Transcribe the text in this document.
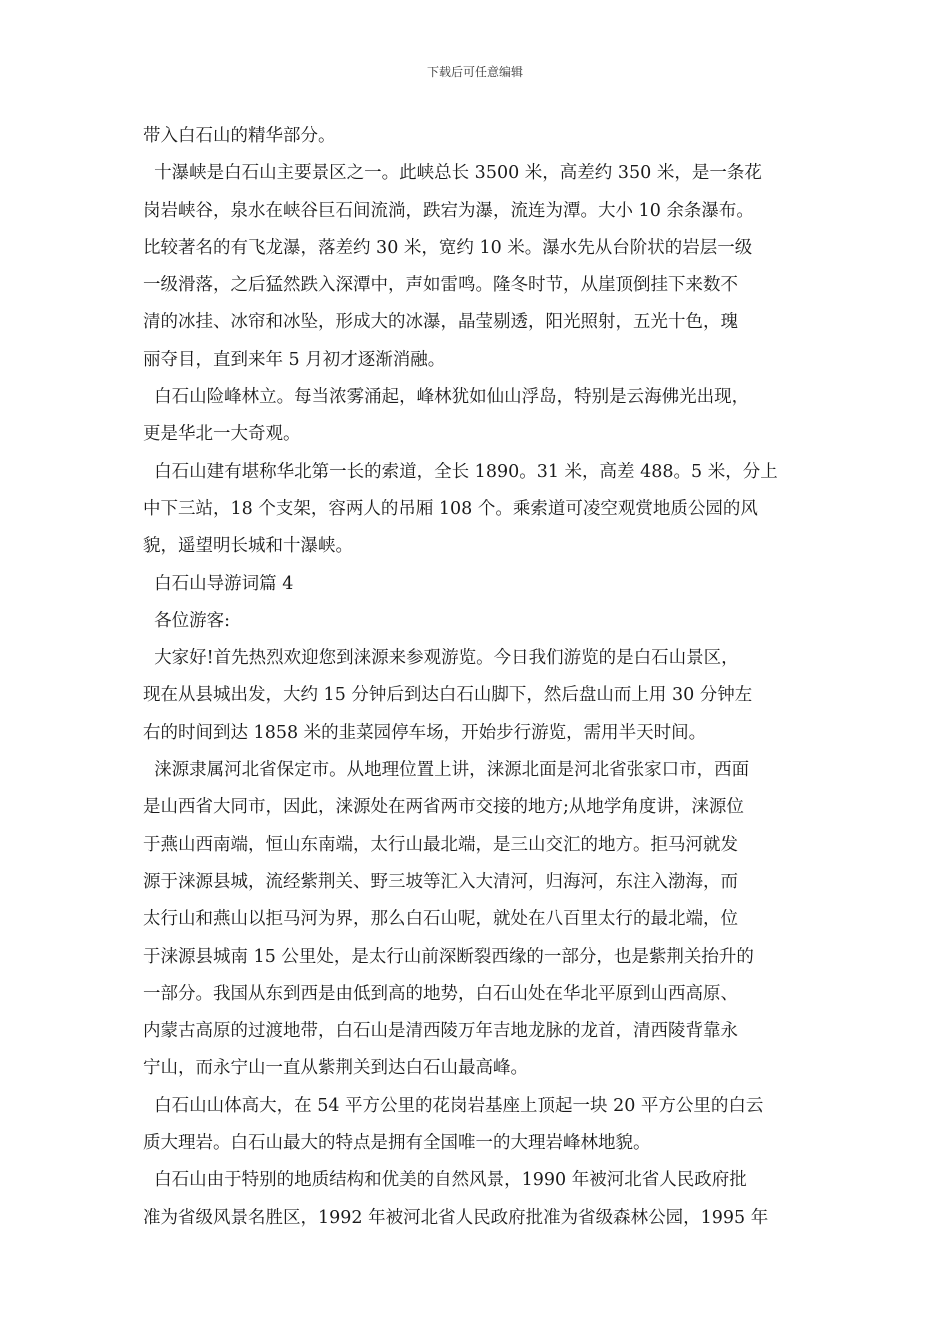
下载后可任意编辑
带入白石山的精华部分。
十瀑峡是白石山主要景区之一。此峡总长 3500 米，高差约 350 米，是一条花
岗岩峡谷，泉水在峡谷巨石间流淌，跌宕为瀑，流连为潭。大小 10 余条瀑布。
比较著名的有飞龙瀑，落差约 30 米，宽约 10 米。瀑水先从台阶状的岩层一级
一级滑落，之后猛然跌入深潭中，声如雷鸣。隆冬时节，从崖顶倒挂下来数不
清的冰挂、冰帘和冰坠，形成大的冰瀑，晶莹剔透，阳光照射，五光十色，瑰
丽夺目，直到来年 5 月初才逐渐消融。
白石山险峰林立。每当浓雾涌起，峰林犹如仙山浮岛，特别是云海佛光出现，
更是华北一大奇观。
白石山建有堪称华北第一长的索道，全长 1890。31 米，高差 488。5 米，分上
中下三站，18 个支架，容两人的吊厢 108 个。乘索道可凌空观赏地质公园的风
貌，遥望明长城和十瀑峡。
白石山导游词篇 4
各位游客:
大家好!首先热烈欢迎您到涞源来参观游览。今日我们游览的是白石山景区，
现在从县城出发，大约 15 分钟后到达白石山脚下，然后盘山而上用 30 分钟左
右的时间到达 1858 米的韭菜园停车场，开始步行游览，需用半天时间。
涞源隶属河北省保定市。从地理位置上讲，涞源北面是河北省张家口市，西面
是山西省大同市，因此，涞源处在两省两市交接的地方;从地学角度讲，涞源位
于燕山西南端，恒山东南端，太行山最北端，是三山交汇的地方。拒马河就发
源于涞源县城，流经紫荆关、野三坡等汇入大清河，归海河，东注入渤海，而
太行山和燕山以拒马河为界，那么白石山呢，就处在八百里太行的最北端，位
于涞源县城南 15 公里处，是太行山前深断裂西缘的一部分，也是紫荆关抬升的
一部分。我国从东到西是由低到高的地势，白石山处在华北平原到山西高原、
内蒙古高原的过渡地带，白石山是清西陵万年吉地龙脉的龙首，清西陵背靠永
宁山，而永宁山一直从紫荆关到达白石山最高峰。
白石山山体高大，在 54 平方公里的花岗岩基座上顶起一块 20 平方公里的白云
质大理岩。白石山最大的特点是拥有全国唯一的大理岩峰林地貌。
白石山由于特别的地质结构和优美的自然风景，1990 年被河北省人民政府批
准为省级风景名胜区，1992 年被河北省人民政府批准为省级森林公园，1995 年
